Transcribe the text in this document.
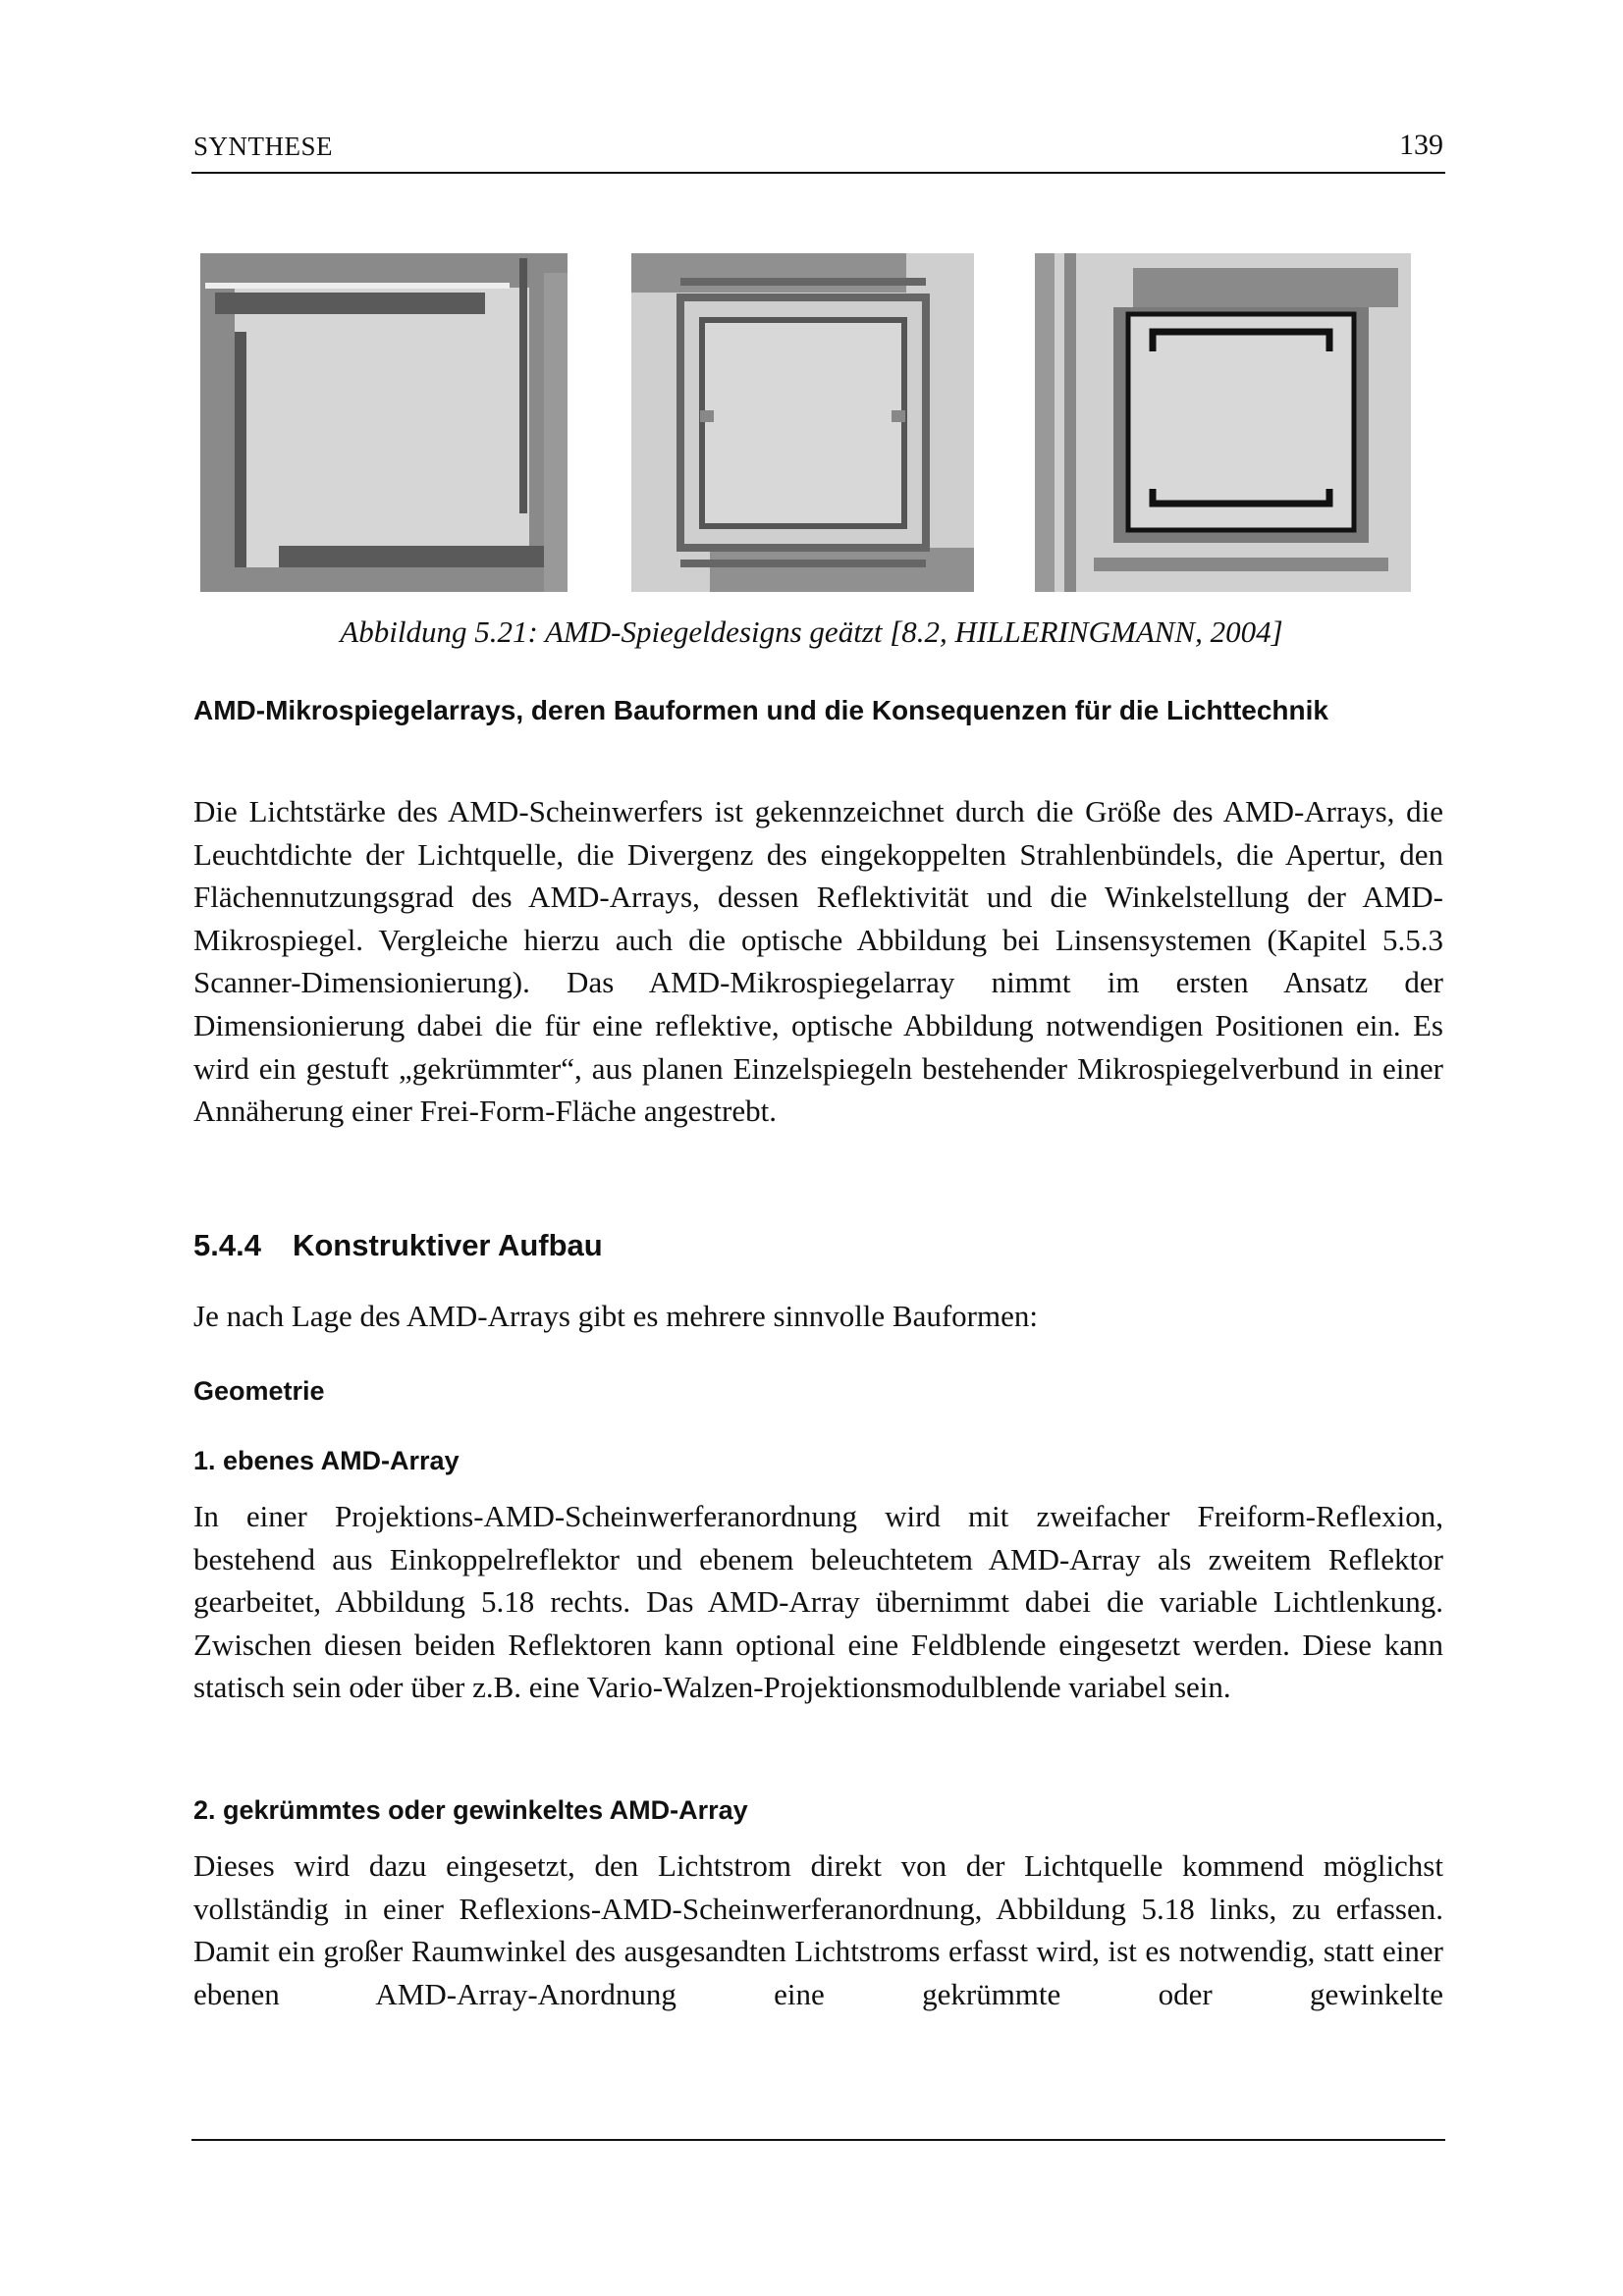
SYNTHESE	139
Abbildung 5.21: AMD-Spiegeldesigns geätzt [8.2, HILLERINGMANN, 2004]
AMD-Mikrospiegelarrays, deren Bauformen und die Konsequenzen für die Lichttechnik
Die Lichtstärke des AMD-Scheinwerfers ist gekennzeichnet durch die Größe des AMD-Arrays, die Leuchtdichte der Lichtquelle, die Divergenz des eingekoppelten Strahlenbündels, die Apertur, den Flächennutzungsgrad des AMD-Arrays, dessen Reflektivität und die Winkelstellung der AMD-Mikrospiegel. Vergleiche hierzu auch die optische Abbildung bei Linsensystemen (Kapitel 5.5.3 Scanner-Dimensionierung). Das AMD-Mikrospiegelarray nimmt im ersten Ansatz der Dimensionierung dabei die für eine reflektive, optische Abbildung notwendigen Positionen ein. Es wird ein gestuft „gekrümmter“, aus planen Einzelspiegeln bestehender Mikrospiegelverbund in einer Annäherung einer Frei-Form-Fläche angestrebt.
5.4.4 Konstruktiver Aufbau
Je nach Lage des AMD-Arrays gibt es mehrere sinnvolle Bauformen:
Geometrie
1. ebenes AMD-Array
In einer Projektions-AMD-Scheinwerferanordnung wird mit zweifacher Freiform-Reflexion, bestehend aus Einkoppelreflektor und ebenem beleuchtetem AMD-Array als zweitem Reflektor gearbeitet, Abbildung 5.18 rechts. Das AMD-Array übernimmt dabei die variable Lichtlenkung. Zwischen diesen beiden Reflektoren kann optional eine Feldblende eingesetzt werden. Diese kann statisch sein oder über z.B. eine Vario-Walzen-Projektionsmodulblende variabel sein.
2. gekrümmtes oder gewinkeltes AMD-Array
Dieses wird dazu eingesetzt, den Lichtstrom direkt von der Lichtquelle kommend möglichst vollständig in einer Reflexions-AMD-Scheinwerferanordnung, Abbildung 5.18 links, zu erfassen. Damit ein großer Raumwinkel des ausgesandten Lichtstroms erfasst wird, ist es notwendig, statt einer ebenen AMD-Array-Anordnung eine gekrümmte oder gewinkelte
